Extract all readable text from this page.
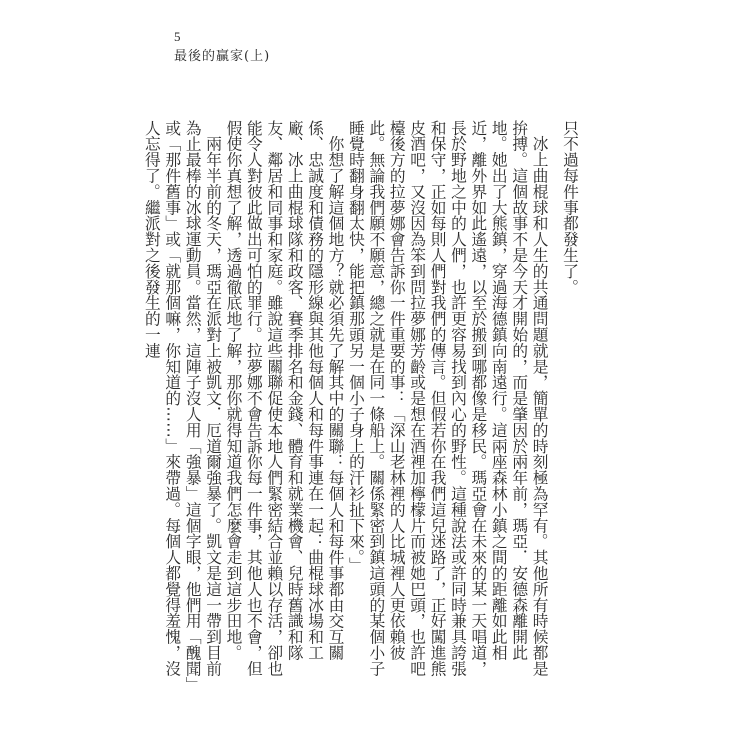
5
最後的贏家(上)

只不過每件事都發生了。

　冰上曲棍球和人生的共通問題就是，簡單的時刻極為罕有。其他所有時候都是拚搏。這個故事不是今天才開始的，而是肇因於兩年前，瑪亞．安德森離開此地。她出了大熊鎮，穿過海德鎮向南遠行。這兩座森林小鎮之間的距離如此相近，離外界如此遙遠，以至於搬到哪都像是移民。瑪亞會在未來的某一天唱道，長於野地之中的人們，也許更容易找到內心的野性。這種說法或許同時兼具誇張和保守，正如每則人們對我們的傳言。但假若你在我們這兒迷路了，正好闖進熊皮酒吧，又沒因為笨到問拉夢娜芳齡或是想在酒裡加檸檬片而被她巴頭，也許吧檯後方的拉夢娜會告訴你一件重要的事：「深山老林裡的人比城裡人更依賴彼此。無論我們願不願意，總之就是在同一條船上。關係緊密到鎮這頭的某個小子睡覺時翻身翻太快，能把鎮那頭另一個小子身上的汗衫扯下來。」

　你想了解這個地方？就必須先了解其中的關聯：每個人和每件事都由交互關係、忠誠度和債務的隱形線與其他每個人和每件事連在一起：曲棍球冰場和工廠、冰上曲棍球隊和政客、賽季排名和金錢、體育和就業機會、兒時舊識和隊友、鄰居和同事和家庭。雖說這些關聯促使本地人們緊密結合並賴以存活，卻也能令人對彼此做出可怕的罪行。拉夢娜不會告訴你每一件事，其他人也不會，但假使你真想了解，透過徹底地了解，那你就得知道我們怎麼會走到這步田地。

　兩年半前的冬天，瑪亞在派對上被凱文．厄道爾強暴了。凱文是這一帶到目前為止最棒的冰球運動員。當然，這陣子沒人用「強暴」這個字眼，他們用「醜聞」或「那件舊事」或「就那個嘛，你知道的……」來帶過。每個人都覺得羞愧，沒人忘得了。繼派對之後發生的一連
